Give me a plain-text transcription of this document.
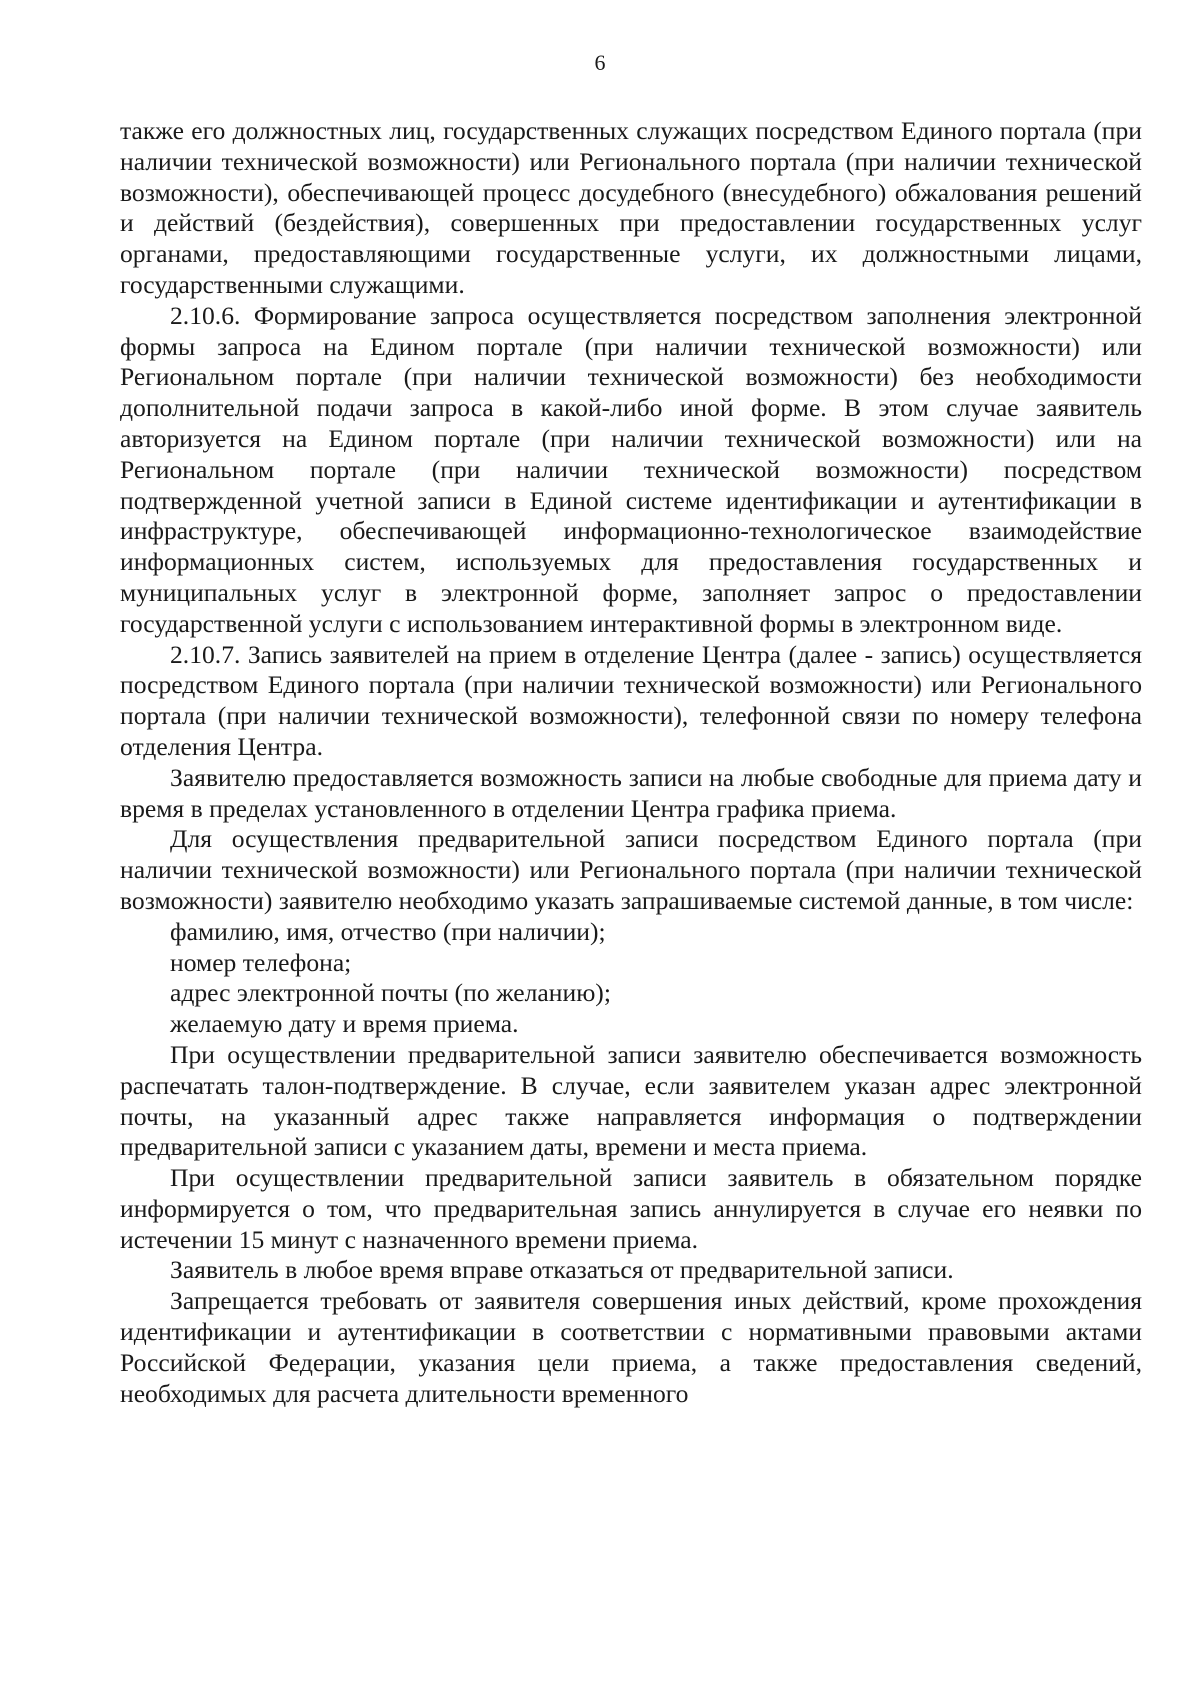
6

также его должностных лиц, государственных служащих посредством Единого портала (при наличии технической возможности) или Регионального портала (при наличии технической возможности), обеспечивающей процесс досудебного (внесудебного) обжалования решений и действий (бездействия), совершенных при предоставлении государственных услуг органами, предоставляющими государственные услуги, их должностными лицами, государственными служащими.

2.10.6. Формирование запроса осуществляется посредством заполнения электронной формы запроса на Едином портале (при наличии технической возможности) или Региональном портале (при наличии технической возможности) без необходимости дополнительной подачи запроса в какой-либо иной форме. В этом случае заявитель авторизуется на Едином портале (при наличии технической возможности) или на Региональном портале (при наличии технической возможности) посредством подтвержденной учетной записи в Единой системе идентификации и аутентификации в инфраструктуре, обеспечивающей информационно-технологическое взаимодействие информационных систем, используемых для предоставления государственных и муниципальных услуг в электронной форме, заполняет запрос о предоставлении государственной услуги с использованием интерактивной формы в электронном виде.

2.10.7. Запись заявителей на прием в отделение Центра (далее - запись) осуществляется посредством Единого портала (при наличии технической возможности) или Регионального портала (при наличии технической возможности), телефонной связи по номеру телефона отделения Центра.

Заявителю предоставляется возможность записи на любые свободные для приема дату и время в пределах установленного в отделении Центра графика приема.

Для осуществления предварительной записи посредством Единого портала (при наличии технической возможности) или Регионального портала (при наличии технической возможности) заявителю необходимо указать запрашиваемые системой данные, в том числе:

фамилию, имя, отчество (при наличии);

номер телефона;

адрес электронной почты (по желанию);

желаемую дату и время приема.

При осуществлении предварительной записи заявителю обеспечивается возможность распечатать талон-подтверждение. В случае, если заявителем указан адрес электронной почты, на указанный адрес также направляется информация о подтверждении предварительной записи с указанием даты, времени и места приема.

При осуществлении предварительной записи заявитель в обязательном порядке информируется о том, что предварительная запись аннулируется в случае его неявки по истечении 15 минут с назначенного времени приема.

Заявитель в любое время вправе отказаться от предварительной записи.

Запрещается требовать от заявителя совершения иных действий, кроме прохождения идентификации и аутентификации в соответствии с нормативными правовыми актами Российской Федерации, указания цели приема, а также предоставления сведений, необходимых для расчета длительности временного
